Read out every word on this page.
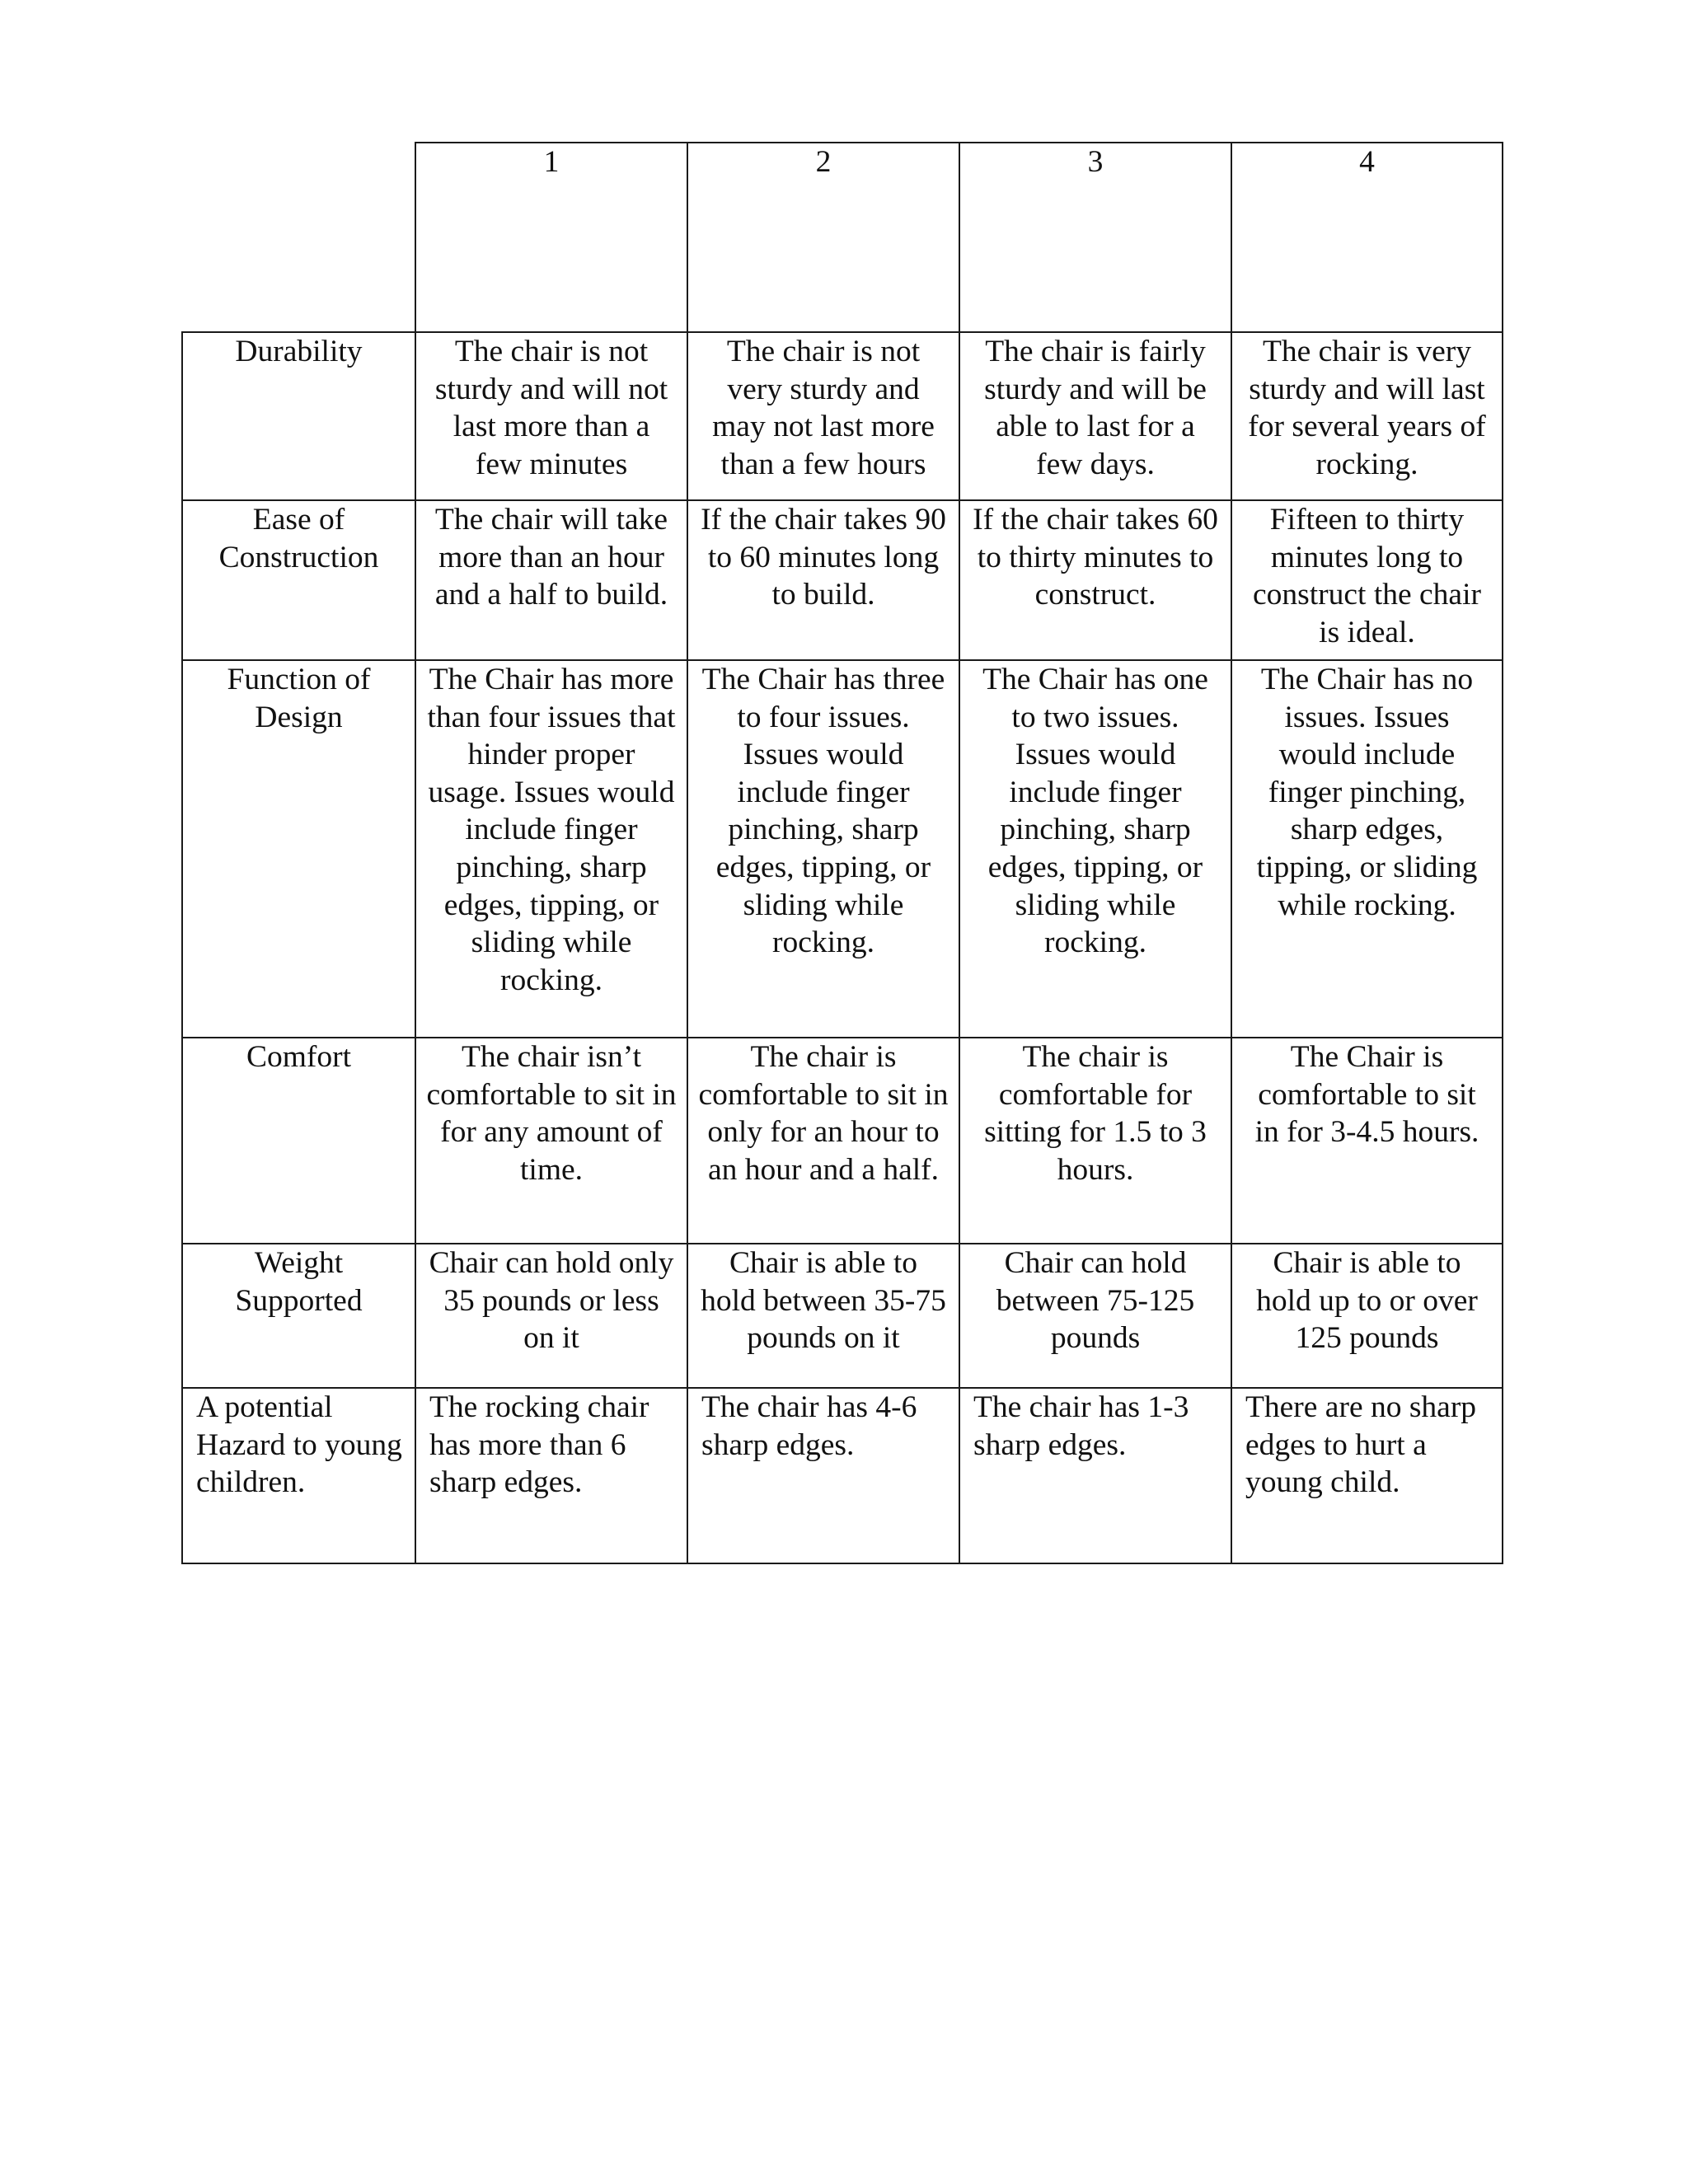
	1	2	3	4
Durability	The chair is not sturdy and will not last more than a few minutes	The chair is not very sturdy and may not last more than a few hours	The chair is fairly sturdy and will be able to last for a few days.	The chair is very sturdy and will last for several years of rocking.
Ease of Construction	The chair will take more than an hour and a half to build.	If the chair takes 90 to 60 minutes long to build.	If the chair takes 60 to thirty minutes to construct.	Fifteen to thirty minutes long to construct the chair is ideal.
Function of Design	The Chair has more than four issues that hinder proper usage. Issues would include finger pinching, sharp edges, tipping, or sliding while rocking.	The Chair has three to four issues. Issues would include finger pinching, sharp edges, tipping, or sliding while rocking.	The Chair has one to two issues. Issues would include finger pinching, sharp edges, tipping, or sliding while rocking.	The Chair has no issues. Issues would include finger pinching, sharp edges, tipping, or sliding while rocking.
Comfort	The chair isn’t comfortable to sit in for any amount of time.	The chair is comfortable to sit in only for an hour to an hour and a half.	The chair is comfortable for sitting for 1.5 to 3 hours.	The Chair is comfortable to sit in for 3-4.5 hours.
Weight Supported	Chair can hold only 35 pounds or less on it	Chair is able to hold between 35-75 pounds on it	Chair can hold between 75-125 pounds	Chair is able to hold up to or over 125 pounds
A potential Hazard to young children.	The rocking chair has more than 6 sharp edges.	The chair has 4-6 sharp edges.	The chair has 1-3 sharp edges.	There are no sharp edges to hurt a young child.
